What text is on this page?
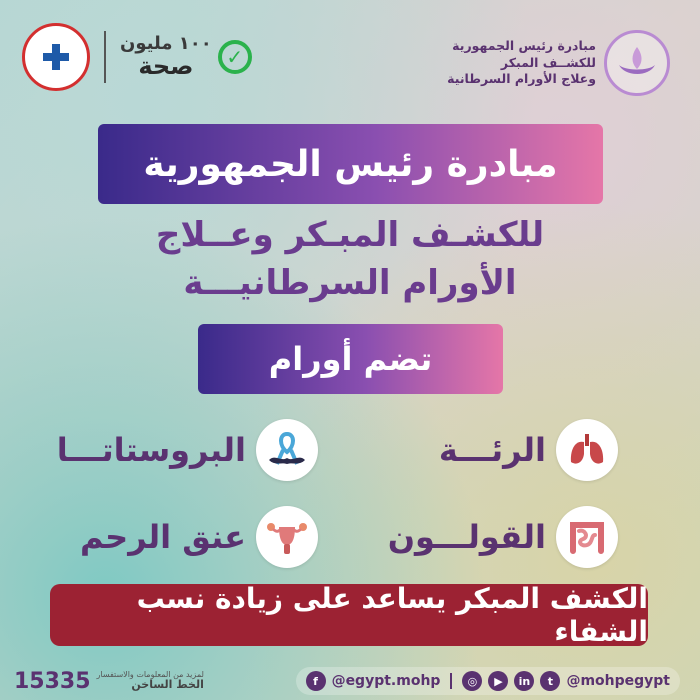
مبادرة رئيس الجمهورية
للكشــف المبكر
وعلاج الأورام السرطانية
١٠٠ مليون
صحة	✓
مبادرة رئيس الجمهورية
للكشـف المبـكر وعــلاج
الأورام السرطانيـــة
تضم أورام
الرئـــة
البروستاتـــا
القولـــون
عنق الرحم
الكشف المبكر يساعد على زيادة نسب الشفاء
15335 لمزيد من المعلومات والاستفسار
الخط الساخن	f @egypt.mohp	◎	▶	in	t @mohpegypt
